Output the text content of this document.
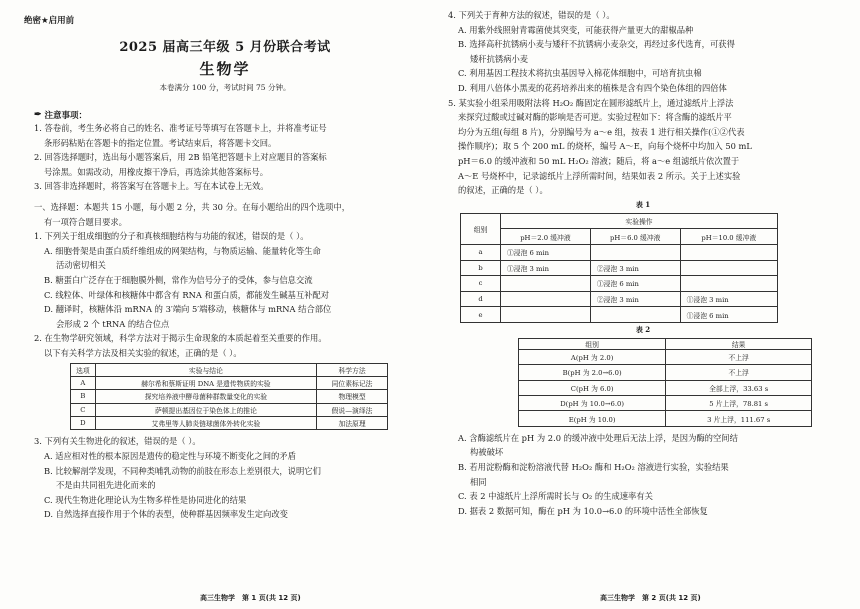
绝密★启用前
2025 届高三年级 5 月份联合考试
生物学
本卷满分 100 分，考试时间 75 分钟。
✒ 注意事项：

1. 答卷前，考生务必将自己的姓名、准考证号等填写在答题卡上，并将准考证号

条形码粘贴在答题卡的指定位置。考试结束后，将答题卡交回。

2. 回答选择题时，选出每小题答案后，用 2B 铅笔把答题卡上对应题目的答案标

号涂黑。如需改动，用橡皮擦干净后，再选涂其他答案标号。

3. 回答非选择题时，将答案写在答题卡上。写在本试卷上无效。

一、选择题：本题共 15 小题，每小题 2 分，共 30 分。在每小题给出的四个选项中，

有一项符合题目要求。

1. 下列关于组成细胞的分子和真核细胞结构与功能的叙述，错误的是（ ）。

A. 细胞骨架是由蛋白质纤维组成的网架结构，与物质运输、能量转化等生命

活动密切相关

B. 糖蛋白广泛存在于细胞膜外侧，常作为信号分子的受体，参与信息交流

C. 线粒体、叶绿体和核糖体中都含有 RNA 和蛋白质，都能发生碱基互补配对

D. 翻译时，核糖体沿 mRNA 的 3′端向 5′端移动，核糖体与 mRNA 结合部位

会形成 2 个 tRNA 的结合位点

2. 在生物学研究领域，科学方法对于揭示生命现象的本质起着至关重要的作用。

以下有关科学方法及相关实验的叙述，正确的是（ ）。

选项	实验与结论	科学方法
A	赫尔希和蔡斯证明 DNA 是遗传物质的实验	同位素标记法
B	探究培养液中酵母菌种群数量变化的实验	物理模型
C	萨顿提出基因位于染色体上的推论	假说—演绎法
D	艾弗里等人肺炎链球菌体外转化实验	加法原理

3. 下列有关生物进化的叙述，错误的是（ ）。

A. 适应相对性的根本原因是遗传的稳定性与环境不断变化之间的矛盾

B. 比较解剖学发现，不同种类哺乳动物的前肢在形态上差别很大，说明它们

不是由共同祖先进化而来的

C. 现代生物进化理论认为生物多样性是协同进化的结果

D. 自然选择直接作用于个体的表型，使种群基因频率发生定向改变

高三生物学　第 1 页(共 12 页)

4. 下列关于育种方法的叙述，错误的是（ ）。

A. 用紫外线照射青霉菌使其突变，可能获得产量更大的甜椒品种

B. 选择高秆抗锈病小麦与矮秆不抗锈病小麦杂交，再经过多代选育，可获得

矮秆抗锈病小麦

C. 利用基因工程技术将抗虫基因导入棉花体细胞中，可培育抗虫棉

D. 利用八倍体小黑麦的花药培养出来的植株是含有四个染色体组的四倍体

5. 某实验小组采用吸附法将 H₂O₂ 酶固定在圆形滤纸片上，通过滤纸片上浮法

来探究过酸或过碱对酶的影响是否可逆。实验过程如下：将含酶的滤纸片平

均分为五组(每组 8 片)，分别编号为 a～e 组，按表 1 进行相关操作(①②代表

操作顺序)；取 5 个 200 mL 的烧杯，编号 A～E，向每个烧杯中均加入 50 mL

pH＝6.0 的缓冲液和 50 mL H₂O₂ 溶液；随后，将 a～e 组滤纸片依次置于

A～E 号烧杯中，记录滤纸片上浮所需时间，结果如表 2 所示。关于上述实验

的叙述，正确的是（ ）。

表 1
组别	实验操作		
	pH＝2.0 缓冲液	pH＝6.0 缓冲液	pH＝10.0 缓冲液
a	①浸泡 6 min		
b	①浸泡 3 min	②浸泡 3 min	
c		①浸泡 6 min	
d		②浸泡 3 min	①浸泡 3 min
e			①浸泡 6 min
表 2
组别	结果
A(pH 为 2.0)	不上浮
B(pH 为 2.0→6.0)	不上浮
C(pH 为 6.0)	全部上浮，33.63 s
D(pH 为 10.0→6.0)	5 片上浮，78.81 s
E(pH 为 10.0)	3 片上浮，111.67 s

A. 含酶滤纸片在 pH 为 2.0 的缓冲液中处理后无法上浮，是因为酶的空间结

构被破坏

B. 若用淀粉酶和淀粉溶液代替 H₂O₂ 酶和 H₂O₂ 溶液进行实验，实验结果

相同

C. 表 2 中滤纸片上浮所需时长与 O₂ 的生成速率有关

D. 据表 2 数据可知，酶在 pH 为 10.0→6.0 的环境中活性全部恢复

高三生物学　第 2 页(共 12 页)
